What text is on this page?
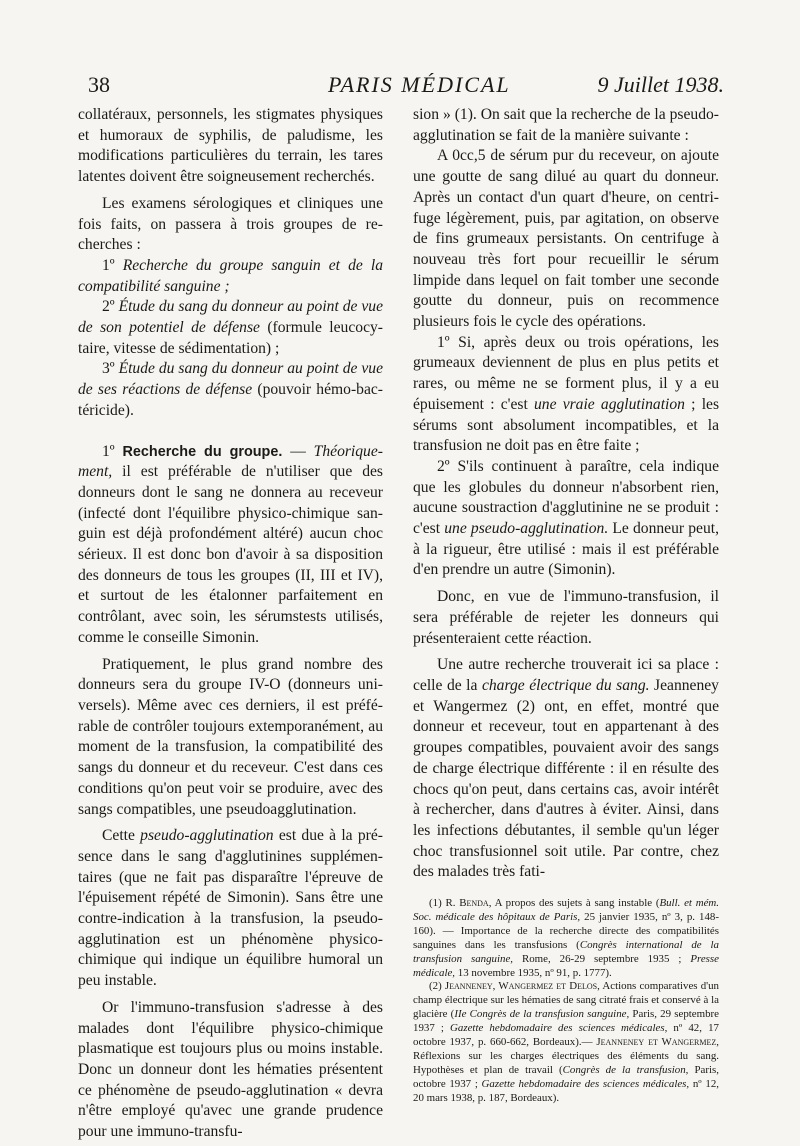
38	PARIS MÉDICAL	9 Juillet 1938.

collatéraux, personnels, les stigmates physiques et humoraux de syphilis, de paludisme, les modifications particulières du terrain, les tares latentes doivent être soigneusement recherchés.

Les examens sérologiques et cliniques une fois faits, on passera à trois groupes de recherches :

1º Recherche du groupe sanguin et de la compatibilité sanguine ;

2º Étude du sang du donneur au point de vue de son potentiel de défense (formule leucocytaire, vitesse de sédimentation) ;

3º Étude du sang du donneur au point de vue de ses réactions de défense (pouvoir hémo-bactéricide).

1º Recherche du groupe. — Théoriquement, il est préférable de n'utiliser que des donneurs dont le sang ne donnera au receveur (infecté dont l'équilibre physico-chimique sanguin est déjà profondément altéré) aucun choc sérieux. Il est donc bon d'avoir à sa disposition des donneurs de tous les groupes (II, III et IV), et surtout de les étalonner parfaitement en contrôlant, avec soin, les sérumstests utilisés, comme le conseille Simonin.

Pratiquement, le plus grand nombre des donneurs sera du groupe IV-O (donneurs universels). Même avec ces derniers, il est préférable de contrôler toujours extemporanément, au moment de la transfusion, la compatibilité des sangs du donneur et du receveur. C'est dans ces conditions qu'on peut voir se produire, avec des sangs compatibles, une pseudoagglutination.

Cette pseudo-agglutination est due à la présence dans le sang d'agglutinines supplémentaires (que ne fait pas disparaître l'épreuve de l'épuisement répété de Simonin). Sans être une contre-indication à la transfusion, la pseudo-agglutination est un phénomène physico-chimique qui indique un équilibre humoral un peu instable.

Or l'immuno-transfusion s'adresse à des malades dont l'équilibre physico-chimique plasmatique est toujours plus ou moins instable. Donc un donneur dont les hématies présentent ce phénomène de pseudo-agglutination « devra n'être employé qu'avec une grande prudence pour une immuno-transfu-

sion » (1). On sait que la recherche de la pseudo-agglutination se fait de la manière suivante :

A 0cc,5 de sérum pur du receveur, on ajoute une goutte de sang dilué au quart du donneur. Après un contact d'un quart d'heure, on centrifuge légèrement, puis, par agitation, on observe de fins grumeaux persistants. On centrifuge à nouveau très fort pour recueillir le sérum limpide dans lequel on fait tomber une seconde goutte du donneur, puis on recommence plusieurs fois le cycle des opérations.

1º Si, après deux ou trois opérations, les grumeaux deviennent de plus en plus petits et rares, ou même ne se forment plus, il y a eu épuisement : c'est une vraie agglutination ; les sérums sont absolument incompatibles, et la transfusion ne doit pas en être faite ;

2º S'ils continuent à paraître, cela indique que les globules du donneur n'absorbent rien, aucune soustraction d'agglutinine ne se produit : c'est une pseudo-agglutination. Le donneur peut, à la rigueur, être utilisé : mais il est préférable d'en prendre un autre (Simonin).

Donc, en vue de l'immuno-transfusion, il sera préférable de rejeter les donneurs qui présenteraient cette réaction.

Une autre recherche trouverait ici sa place : celle de la charge électrique du sang. Jeanneney et Wangermez (2) ont, en effet, montré que donneur et receveur, tout en appartenant à des groupes compatibles, pouvaient avoir des sangs de charge électrique différente : il en résulte des chocs qu'on peut, dans certains cas, avoir intérêt à rechercher, dans d'autres à éviter. Ainsi, dans les infections débutantes, il semble qu'un léger choc transfusionnel soit utile. Par contre, chez des malades très fati-

(1) R. Benda, A propos des sujets à sang instable (Bull. et mém. Soc. médicale des hôpitaux de Paris, 25 janvier 1935, nº 3, p. 148-160). — Importance de la recherche directe des compatibilités sanguines dans les transfusions (Congrès international de la transfusion sanguine, Rome, 26-29 septembre 1935 ; Presse médicale, 13 novembre 1935, nº 91, p. 1777).

(2) Jeanneney, Wangermez et Delos, Actions comparatives d'un champ électrique sur les hématies de sang citraté frais et conservé à la glacière (IIe Congrès de la transfusion sanguine, Paris, 29 septembre 1937 ; Gazette hebdomadaire des sciences médicales, nº 42, 17 octobre 1937, p. 660-662, Bordeaux).— Jeanneney et Wangermez, Réflexions sur les charges électriques des éléments du sang. Hypothèses et plan de travail (Congrès de la transfusion, Paris, octobre 1937 ; Gazette hebdomadaire des sciences médicales, nº 12, 20 mars 1938, p. 187, Bordeaux).
